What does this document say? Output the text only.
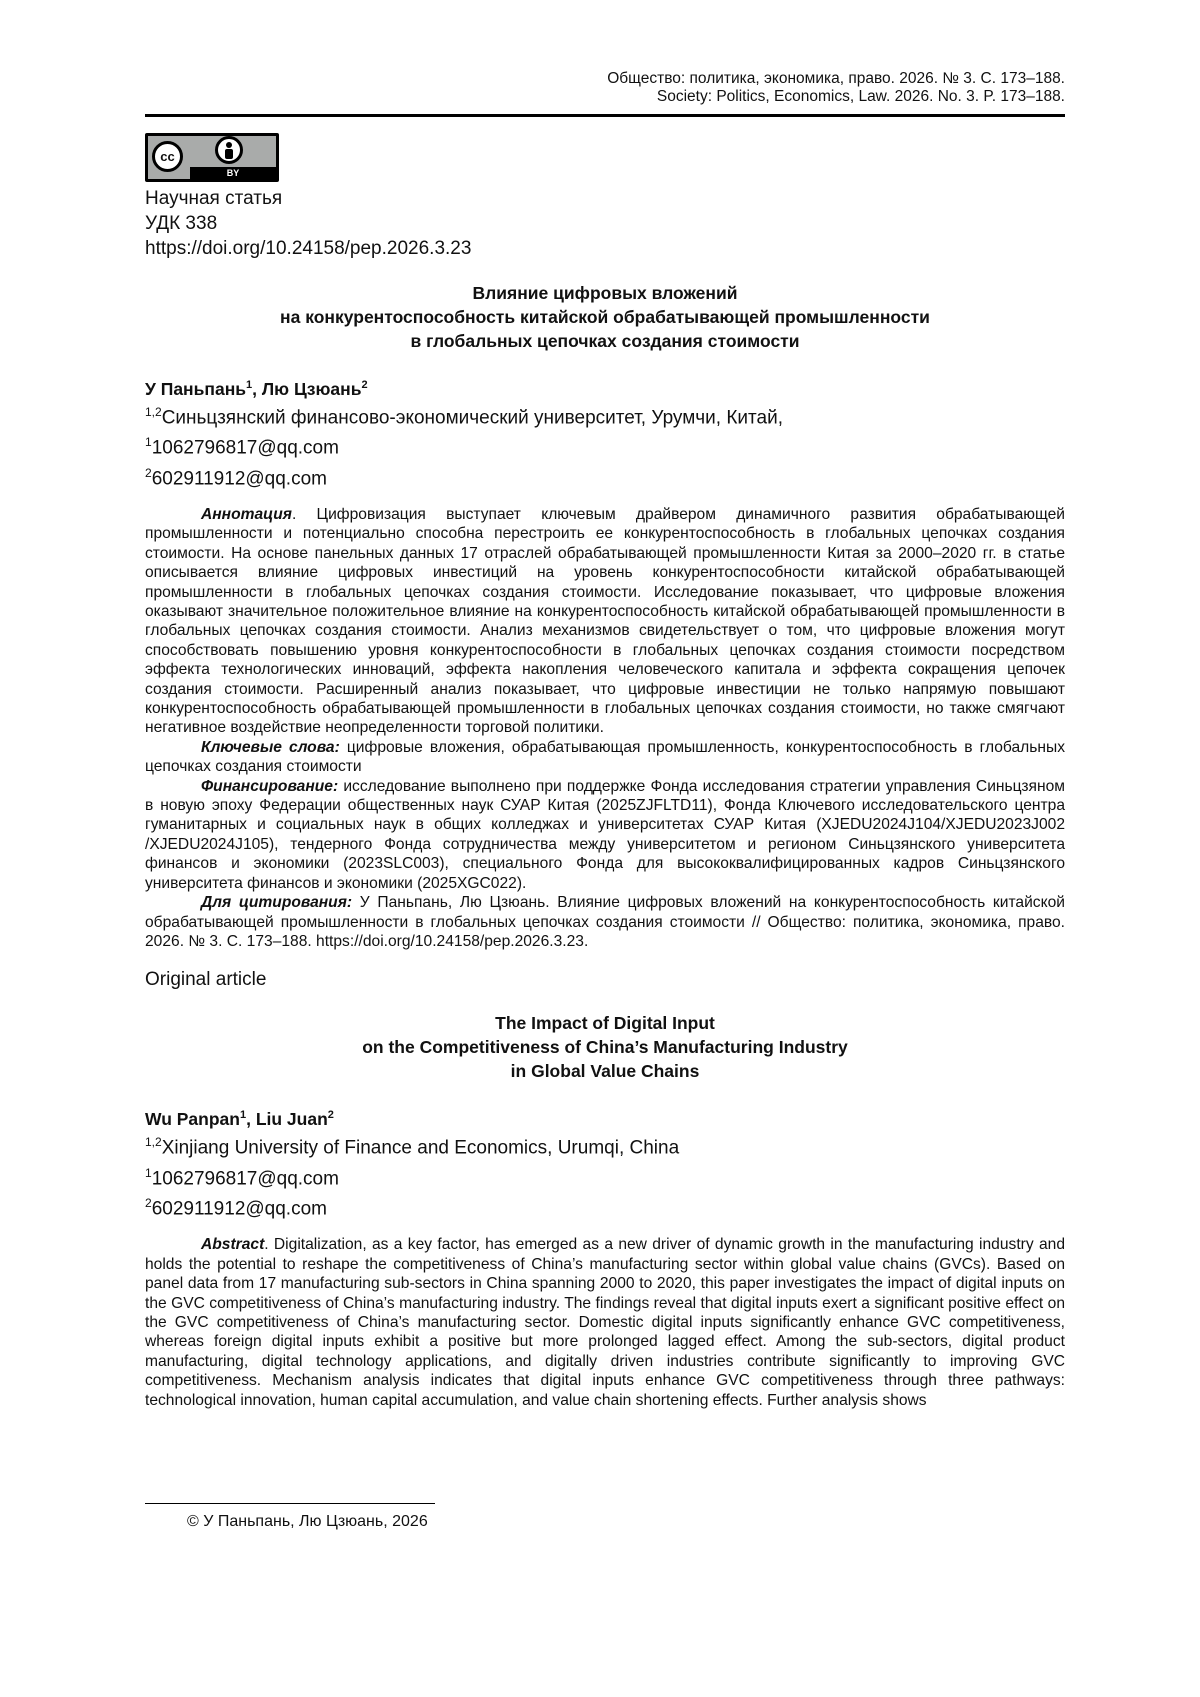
Общество: политика, экономика, право. 2026. № 3. С. 173–188.
Society: Politics, Economics, Law. 2026. No. 3. P. 173–188.
cc
BY
Научная статья
УДК 338
https://doi.org/10.24158/pep.2026.3.23
Влияние цифровых вложений
на конкурентоспособность китайской обрабатывающей промышленности
в глобальных цепочках создания стоимости
У Паньпань$^1$, Лю Цзюань$^2$
$^{1,2}$Синьцзянский финансово-экономический университет, Урумчи, Китай,
$^1$1062796817@qq.com
$^2$602911912@qq.com

Аннотация. Цифровизация выступает ключевым драйвером динамичного развития обрабатывающей промышленности и потенциально способна перестроить ее конкурентоспособность в глобальных цепочках создания стоимости. На основе панельных данных 17 отраслей обрабатывающей промышленности Китая за 2000–2020 гг. в статье описывается влияние цифровых инвестиций на уровень конкурентоспособности китайской обрабатывающей промышленности в глобальных цепочках создания стоимости. Исследование показывает, что цифровые вложения оказывают значительное положительное влияние на конкурентоспособность китайской обрабатывающей промышленности в глобальных цепочках создания стоимости. Анализ механизмов свидетельствует о том, что цифровые вложения могут способствовать повышению уровня конкурентоспособности в глобальных цепочках создания стоимости посредством эффекта технологических инноваций, эффекта накопления человеческого капитала и эффекта сокращения цепочек создания стоимости. Расширенный анализ показывает, что цифровые инвестиции не только напрямую повышают конкурентоспособность обрабатывающей промышленности в глобальных цепочках создания стоимости, но также смягчают негативное воздействие неопределенности торговой политики.

Ключевые слова: цифровые вложения, обрабатывающая промышленность, конкурентоспособность в глобальных цепочках создания стоимости

Финансирование: исследование выполнено при поддержке Фонда исследования стратегии управления Синьцзяном в новую эпоху Федерации общественных наук СУАР Китая (2025ZJFLTD11), Фонда Ключевого исследовательского центра гуманитарных и социальных наук в общих колледжах и университетах СУАР Китая (XJEDU2024J104/XJEDU2023J002 /XJEDU2024J105), тендерного Фонда сотрудничества между университетом и регионом Синьцзянского университета финансов и экономики (2023SLC003), специального Фонда для высококвалифицированных кадров Синьцзянского университета финансов и экономики (2025XGC022).

Для цитирования: У Паньпань, Лю Цзюань. Влияние цифровых вложений на конкурентоспособность китайской обрабатывающей промышленности в глобальных цепочках создания стоимости // Общество: политика, экономика, право. 2026. № 3. С. 173–188. https://doi.org/10.24158/pep.2026.3.23.

Original article
The Impact of Digital Input
on the Competitiveness of China’s Manufacturing Industry
in Global Value Chains
Wu Panpan$^1$, Liu Juan$^2$
$^{1,2}$Xinjiang University of Finance and Economics, Urumqi, China
$^1$1062796817@qq.com
$^2$602911912@qq.com

Abstract. Digitalization, as a key factor, has emerged as a new driver of dynamic growth in the manufacturing industry and holds the potential to reshape the competitiveness of China’s manufacturing sector within global value chains (GVCs). Based on panel data from 17 manufacturing sub-sectors in China spanning 2000 to 2020, this paper investigates the impact of digital inputs on the GVC competitiveness of China’s manufacturing industry. The findings reveal that digital inputs exert a significant positive effect on the GVC competitiveness of China’s manufacturing sector. Domestic digital inputs significantly enhance GVC competitiveness, whereas foreign digital inputs exhibit a positive but more prolonged lagged effect. Among the sub-sectors, digital product manufacturing, digital technology applications, and digitally driven industries contribute significantly to improving GVC competitiveness. Mechanism analysis indicates that digital inputs enhance GVC competitiveness through three pathways: technological innovation, human capital accumulation, and value chain shortening effects. Further analysis shows

© У Паньпань, Лю Цзюань, 2026
